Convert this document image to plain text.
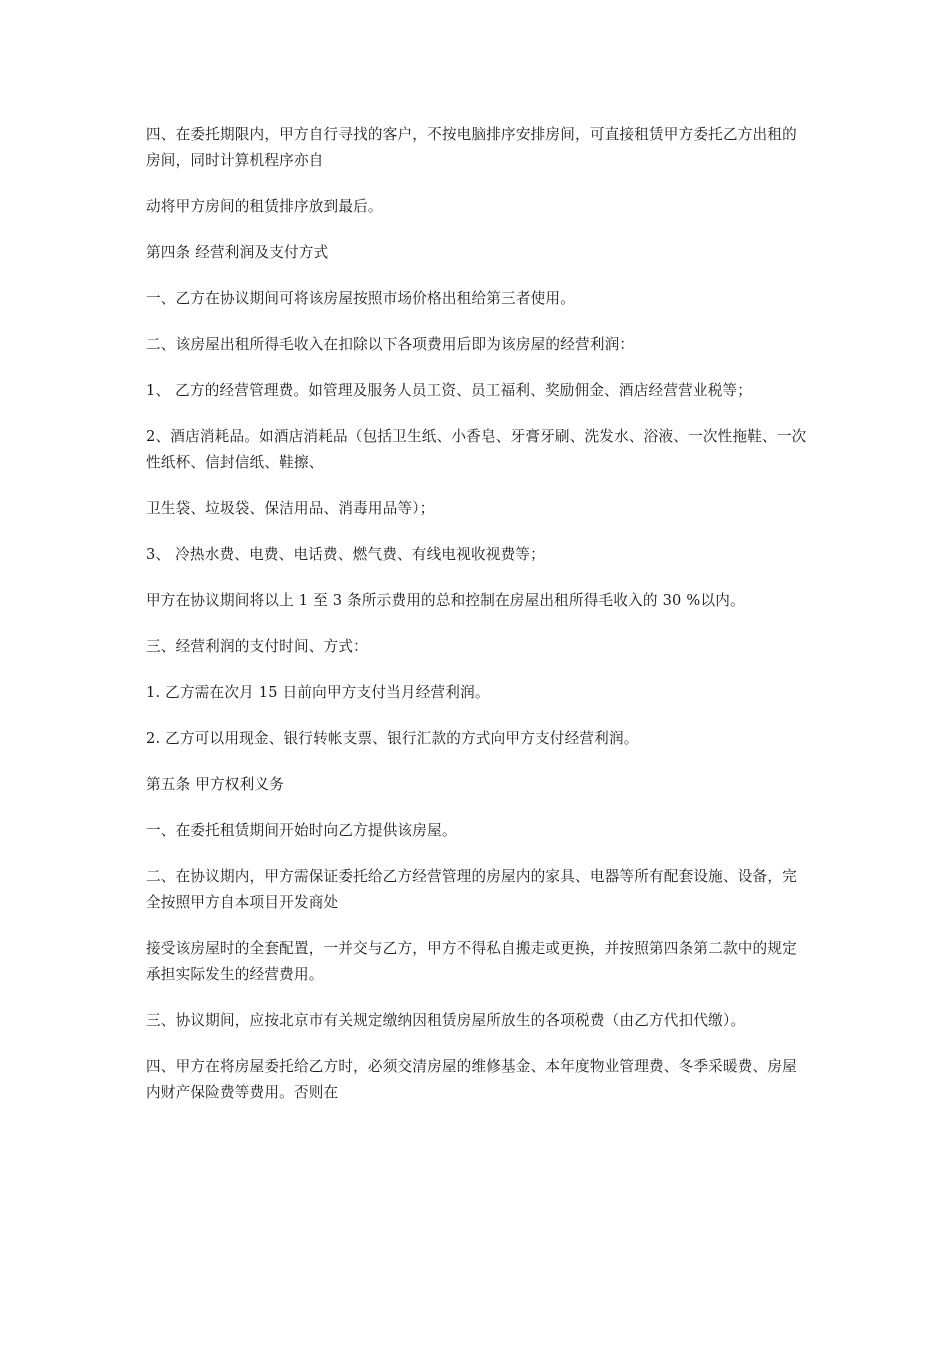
四、在委托期限内，甲方自行寻找的客户，不按电脑排序安排房间，可直接租赁甲方委托乙方出租的房间，同时计算机程序亦自

动将甲方房间的租赁排序放到最后。

第四条 经营利润及支付方式

一、乙方在协议期间可将该房屋按照市场价格出租给第三者使用。

二、该房屋出租所得毛收入在扣除以下各项费用后即为该房屋的经营利润：

1、 乙方的经营管理费。如管理及服务人员工资、员工福利、奖励佣金、酒店经营营业税等；

2、酒店消耗品。如酒店消耗品（包括卫生纸、小香皂、牙膏牙刷、洗发水、浴液、一次性拖鞋、一次性纸杯、信封信纸、鞋擦、

卫生袋、垃圾袋、保洁用品、消毒用品等）；

3、 冷热水费、电费、电话费、燃气费、有线电视收视费等；

甲方在协议期间将以上 1 至 3 条所示费用的总和控制在房屋出租所得毛收入的 30 %以内。

三、经营利润的支付时间、方式：

1. 乙方需在次月 15 日前向甲方支付当月经营利润。

2. 乙方可以用现金、银行转帐支票、银行汇款的方式向甲方支付经营利润。

第五条 甲方权利义务

一、在委托租赁期间开始时向乙方提供该房屋。

二、在协议期内，甲方需保证委托给乙方经营管理的房屋内的家具、电器等所有配套设施、设备，完全按照甲方自本项目开发商处

接受该房屋时的全套配置，一并交与乙方，甲方不得私自搬走或更换，并按照第四条第二款中的规定承担实际发生的经营费用。

三、协议期间，应按北京市有关规定缴纳因租赁房屋所放生的各项税费（由乙方代扣代缴）。

四、甲方在将房屋委托给乙方时，必须交清房屋的维修基金、本年度物业管理费、冬季采暖费、房屋内财产保险费等费用。否则在
